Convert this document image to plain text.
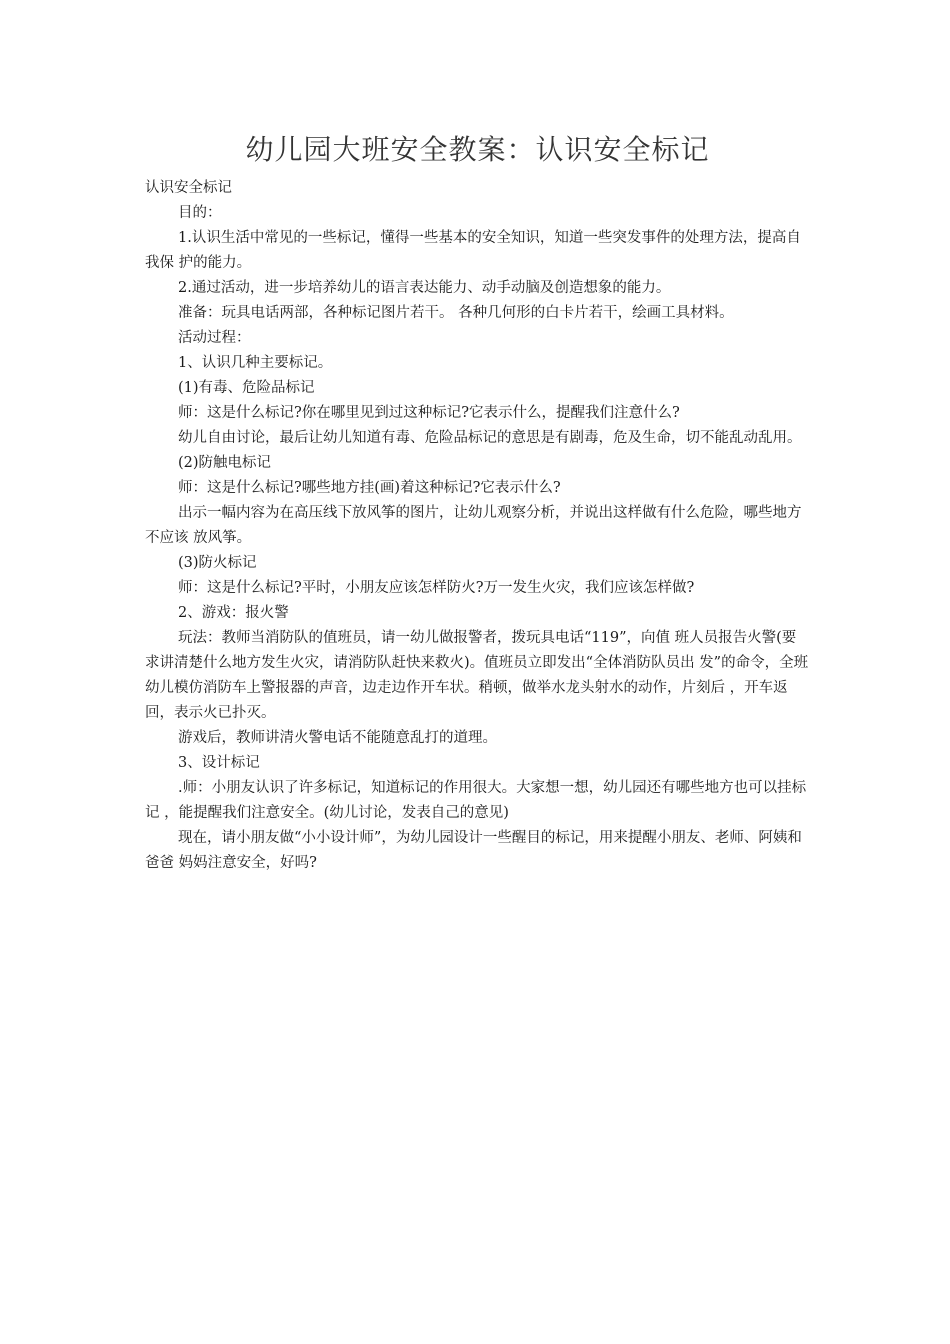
幼儿园大班安全教案：认识安全标记

认识安全标记

目的：

1.认识生活中常见的一些标记，懂得一些基本的安全知识，知道一些突发事件的处理方法，提高自我保 护的能力。

2.通过活动，进一步培养幼儿的语言表达能力、动手动脑及创造想象的能力。

准备：玩具电话两部，各种标记图片若干。 各种几何形的白卡片若干，绘画工具材料。

活动过程：

1、认识几种主要标记。

(1)有毒、危险品标记

师：这是什么标记?你在哪里见到过这种标记?它表示什么，提醒我们注意什么?

幼儿自由讨论，最后让幼儿知道有毒、危险品标记的意思是有剧毒，危及生命，切不能乱动乱用。

(2)防触电标记

师：这是什么标记?哪些地方挂(画)着这种标记?它表示什么?

出示一幅内容为在高压线下放风筝的图片，让幼儿观察分析，并说出这样做有什么危险，哪些地方不应该 放风筝。

(3)防火标记

师：这是什么标记?平时，小朋友应该怎样防火?万一发生火灾，我们应该怎样做?

2、游戏：报火警

玩法：教师当消防队的值班员，请一幼儿做报警者，拨玩具电话“119”，向值 班人员报告火警(要求讲清楚什么地方发生火灾，请消防队赶快来救火)。值班员立即发出“全体消防队员出 发”的命令，全班幼儿模仿消防车上警报器的声音，边走边作开车状。稍顿，做举水龙头射水的动作，片刻后 ，开车返回，表示火已扑灭。

游戏后，教师讲清火警电话不能随意乱打的道理。

3、设计标记

.师：小朋友认识了许多标记，知道标记的作用很大。大家想一想，幼儿园还有哪些地方也可以挂标记 ，能提醒我们注意安全。(幼儿讨论，发表自己的意见)

现在，请小朋友做“小小设计师”，为幼儿园设计一些醒目的标记，用来提醒小朋友、老师、阿姨和爸爸 妈妈注意安全，好吗?
